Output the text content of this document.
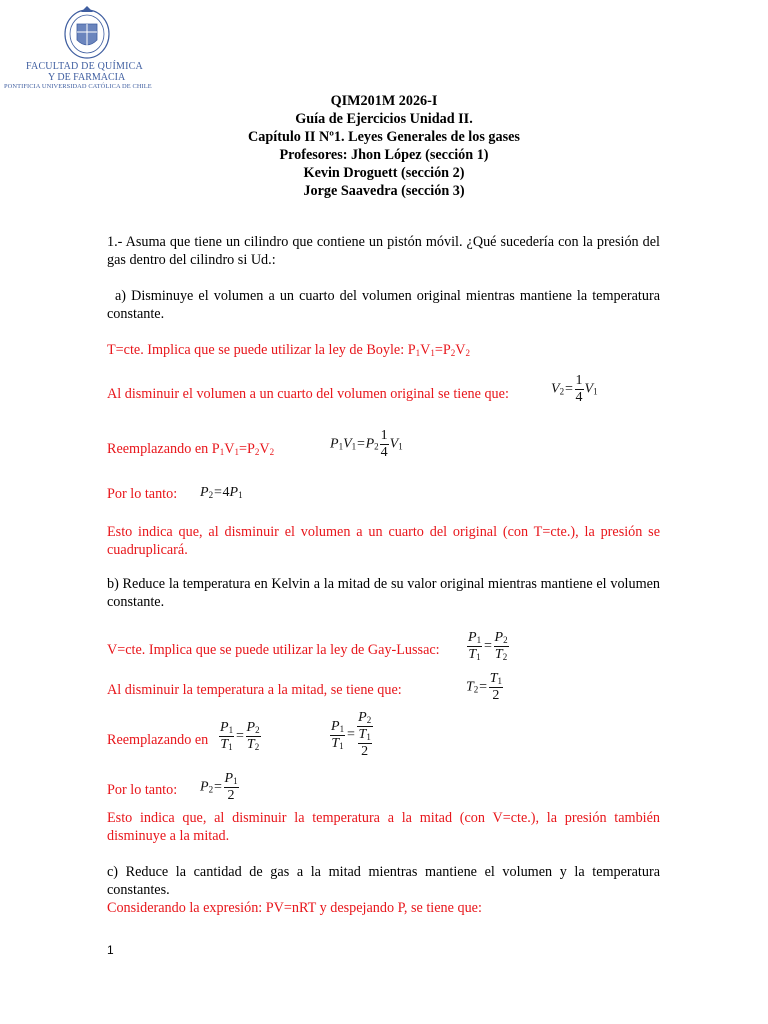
FACULTAD DE QUÍMICA
Y DE FARMACIA
PONTIFICIA UNIVERSIDAD CATÓLICA DE CHILE
QIM201M 2026-I
Guía de Ejercicios Unidad II.
Capítulo II Nº1. Leyes Generales de los gases
Profesores: Jhon López (sección 1)
Kevin Droguett (sección 2)
Jorge Saavedra (sección 3)
1.- Asuma que tiene un cilindro que contiene un pistón móvil. ¿Qué sucedería con la presión del gas dentro del cilindro si Ud.:
a) Disminuye el volumen a un cuarto del volumen original mientras mantiene la temperatura constante.
T=cte. Implica que se puede utilizar la ley de Boyle: $P_1V_1=P_2V_2$
Al disminuir el volumen a un cuarto del volumen original se tiene que:	$V_2= \frac{1}{4} V_1$
Reemplazando en $P_1V_1=P_2V_2$
$P_1V_1=P_2 \frac{1}{4} V_1$
Por lo tanto:	$P_2=4P_1$
Esto indica que, al disminuir el volumen a un cuarto del original (con T=cte.), la presión se cuadruplicará.
b) Reduce la temperatura en Kelvin a la mitad de su valor original mientras mantiene el volumen constante.
V=cte. Implica que se puede utilizar la ley de Gay-Lussac:	$\frac{P_1}{T_1} = \frac{P_2}{T_2}$
Al disminuir la temperatura a la mitad, se tiene que:	$T_2= \frac{T_1}{2}$
Reemplazando en $\frac{P_1}{T_1} = \frac{P_2}{T_2}$	$\frac{P_1}{T_1} = P_2$
$T_1$
2
Por lo tanto:	$P_2= \frac{P_1}{2}$
Esto indica que, al disminuir la temperatura a la mitad (con V=cte.), la presión también disminuye a la mitad.
c) Reduce la cantidad de gas a la mitad mientras mantiene el volumen y la temperatura constantes.
Considerando la expresión: PV=nRT y despejando P, se tiene que:
1
